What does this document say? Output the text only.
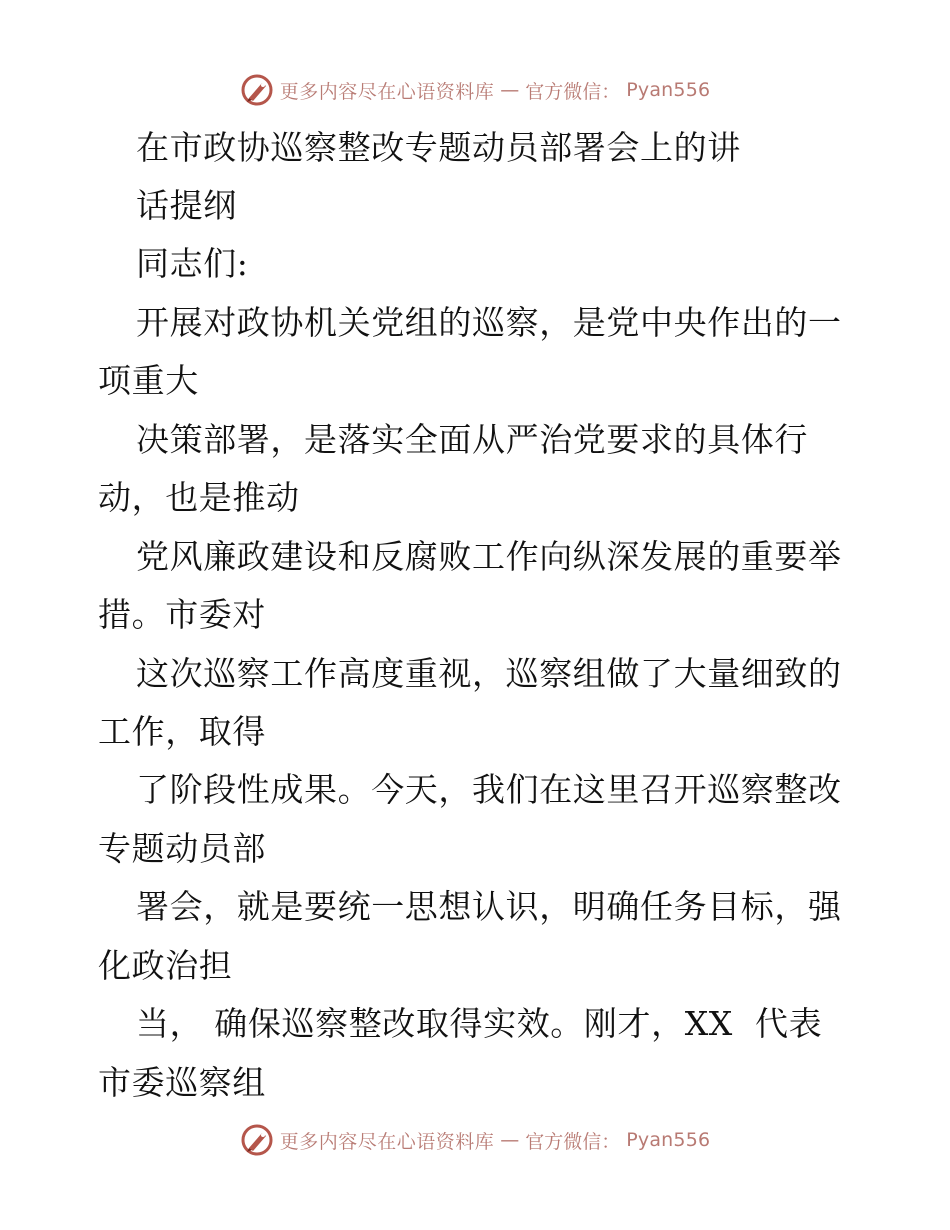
更多内容尽在心语资料库 — 官方微信： Pyan556
在市政协巡察整改专题动员部署会上的讲
话提纲
同志们:
开展对政协机关党组的巡察，是党中央作出的一
项重大
决策部署，是落实全面从严治党要求的具体行
动，也是推动
党风廉政建设和反腐败工作向纵深发展的重要举
措。市委对
这次巡察工作高度重视，巡察组做了大量细致的
工作，取得
了阶段性成果。今天，我们在这里召开巡察整改
专题动员部
署会，就是要统一思想认识，明确任务目标，强
化政治担
当， 确保巡察整改取得实效。刚才，XX  代表
市委巡察组
更多内容尽在心语资料库 — 官方微信： Pyan556
